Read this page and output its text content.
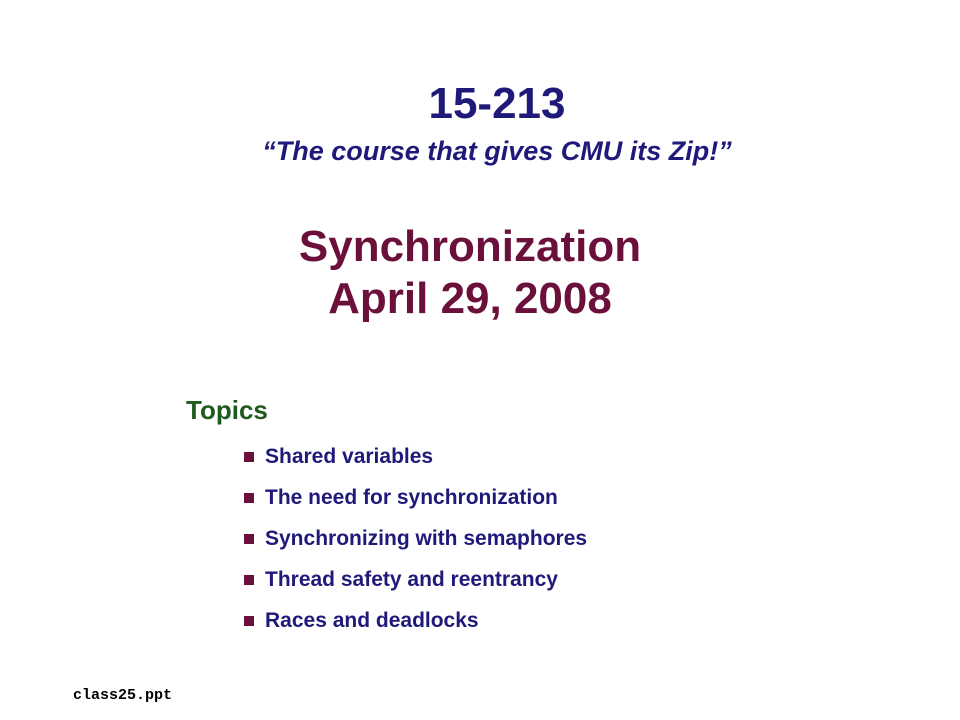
15-213
“The course that gives CMU its Zip!”
Synchronization
April 29, 2008
Topics
Shared variables
The need for synchronization
Synchronizing with semaphores
Thread safety and reentrancy
Races and deadlocks
class25.ppt
